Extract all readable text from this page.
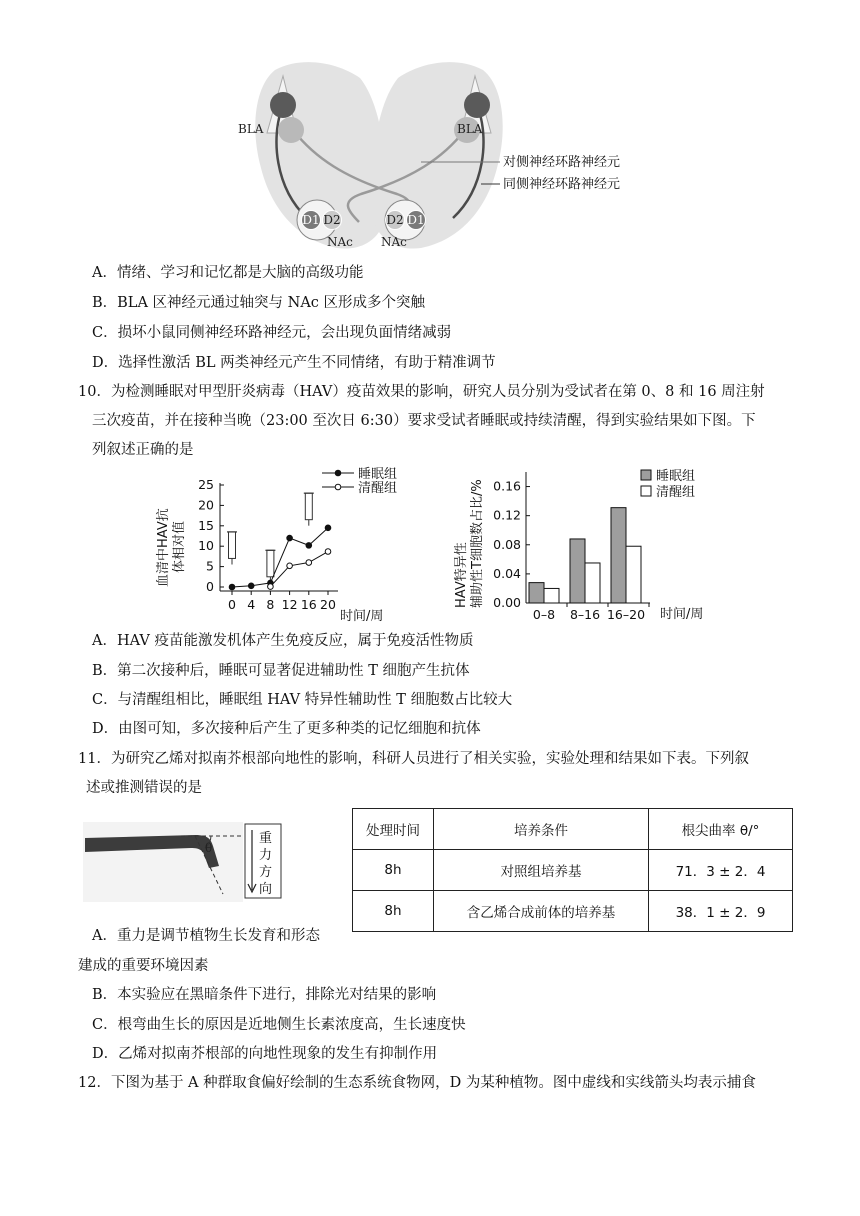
D1 D2	D2 D1
BLA	BLA
NAc NAc
对侧神经环路神经元
同侧神经环路神经元
A．情绪、学习和记忆都是大脑的高级功能
B．BLA 区神经元通过轴突与 NAc 区形成多个突触
C．损坏小鼠同侧神经环路神经元，会出现负面情绪减弱
D．选择性激活 BL 两类神经元产生不同情绪，有助于精准调节
10．为检测睡眠对甲型肝炎病毒（HAV）疫苗效果的影响，研究人员分别为受试者在第 0、8 和 16 周注射
三次疫苗，并在接种当晚（23:00 至次日 6:30）要求受试者睡眠或持续清醒，得到实验结果如下图。下
列叙述正确的是
血清中HAV抗 体相对值
0
5
10
15
20
25
0 4 8 12 16 20
睡眠组
清醒组
时间/周
HAV特异性 辅助性T细胞数占比/% 0.00
0.04
0.08
0.12
0.16
0–8 8–16 16–20
睡眠组
清醒组
时间/周
A．HAV 疫苗能激发机体产生免疫反应，属于免疫活性物质
B．第二次接种后，睡眠可显著促进辅助性 T 细胞产生抗体
C．与清醒组相比，睡眠组 HAV 特异性辅助性 T 细胞数占比较大
D．由图可知，多次接种后产生了更多种类的记忆细胞和抗体
11．为研究乙烯对拟南芥根部向地性的影响，科研人员进行了相关实验，实验处理和结果如下表。下列叙
述或推测错误的是
θ
重
力
方
向
处理时间	培养条件	根尖曲率 θ/°
8h	对照组培养基	71．3 ± 2．4
8h	含乙烯合成前体的培养基	38．1 ± 2．9
A．重力是调节植物生长发育和形态
建成的重要环境因素
B．本实验应在黑暗条件下进行，排除光对结果的影响
C．根弯曲生长的原因是近地侧生长素浓度高，生长速度快
D．乙烯对拟南芥根部的向地性现象的发生有抑制作用
12．下图为基于 A 种群取食偏好绘制的生态系统食物网，D 为某种植物。图中虚线和实线箭头均表示捕食
